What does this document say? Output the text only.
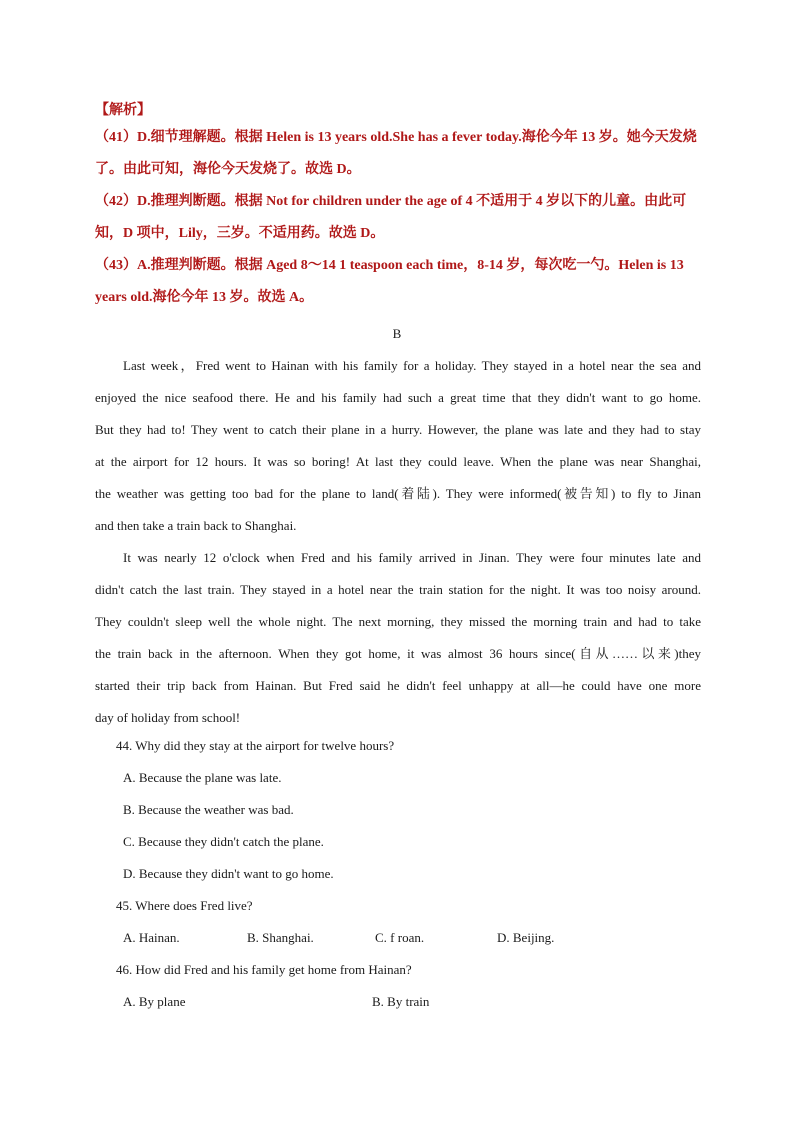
【解析】
（41）D.细节理解题。根据 Helen is 13 years old.She has a fever today.海伦今年 13 岁。她今天发烧
了。由此可知，海伦今天发烧了。故选 D。
（42）D.推理判断题。根据 Not for children under the age of 4 不适用于 4 岁以下的儿童。由此可
知，D 项中，Lily，三岁。不适用药。故选 D。
（43）A.推理判断题。根据 Aged 8～14 1 teaspoon each time，8-14 岁，每次吃一勺。Helen is 13
years old.海伦今年 13 岁。故选 A。
B
Last week，Fred went to Hainan with his family for a holiday. They stayed in a hotel near the sea and
enjoyed the nice seafood there. He and his family had such a great time that they didn't want to go home.
But they had to! They went to catch their plane in a hurry. However, the plane was late and they had to stay
at the airport for 12 hours. It was so boring! At last they could leave. When the plane was near Shanghai,
the weather was getting too bad for the plane to land(着陆). They were informed(被告知) to fly to Jinan
and then take a train back to Shanghai.
It was nearly 12 o'clock when Fred and his family arrived in Jinan. They were four minutes late and
didn't catch the last train. They stayed in a hotel near the train station for the night. It was too noisy around.
They couldn't sleep well the whole night. The next morning, they missed the morning train and had to take
the train back in the afternoon. When they got home, it was almost 36 hours since(自从……以来)they
started their trip back from Hainan. But Fred said he didn't feel unhappy at all—he could have one more
day of holiday from school!
44. Why did they stay at the airport for twelve hours?
A. Because the plane was late.
B. Because the weather was bad.
C. Because they didn't catch the plane.
D. Because they didn't want to go home.
45. Where does Fred live?
A. Hainan.	B. Shanghai.	C. f roan.	D. Beijing.
46. How did Fred and his family get home from Hainan?
A. By plane	B. By train
